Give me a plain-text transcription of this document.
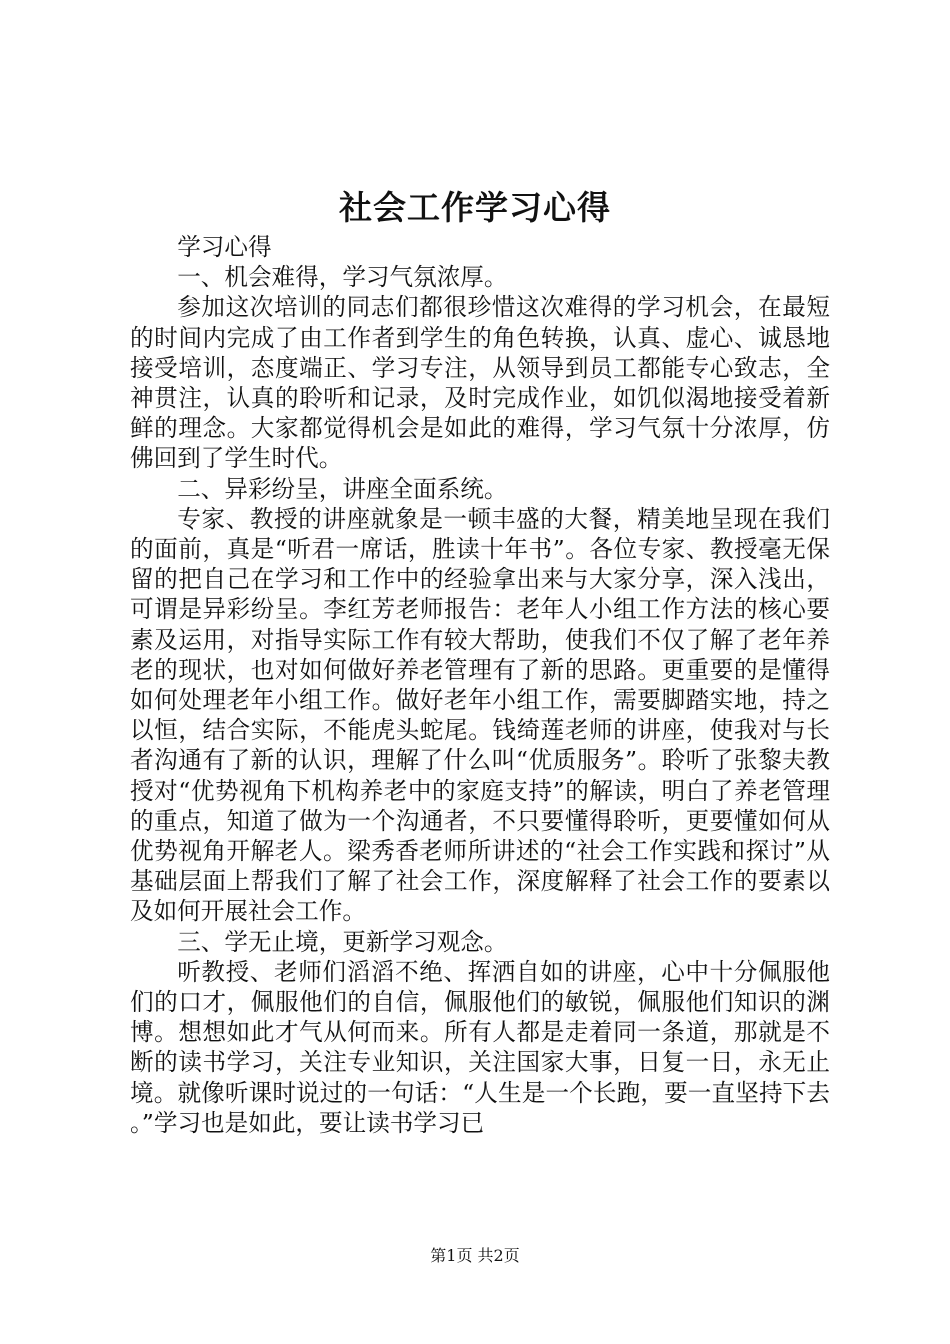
社会工作学习心得

学习心得

一、机会难得，学习气氛浓厚。

参加这次培训的同志们都很珍惜这次难得的学习机会，在最短的时间内完成了由工作者到学生的角色转换，认真、虚心、诚恳地接受培训，态度端正、学习专注，从领导到员工都能专心致志，全神贯注，认真的聆听和记录，及时完成作业，如饥似渴地接受着新鲜的理念。大家都觉得机会是如此的难得，学习气氛十分浓厚，仿佛回到了学生时代。

二、异彩纷呈，讲座全面系统。

专家、教授的讲座就象是一顿丰盛的大餐，精美地呈现在我们的面前，真是“听君一席话，胜读十年书”。各位专家、教授毫无保留的把自己在学习和工作中的经验拿出来与大家分享，深入浅出，可谓是异彩纷呈。李红芳老师报告：老年人小组工作方法的核心要素及运用，对指导实际工作有较大帮助，使我们不仅了解了老年养老的现状，也对如何做好养老管理有了新的思路。更重要的是懂得如何处理老年小组工作。做好老年小组工作，需要脚踏实地，持之以恒，结合实际，不能虎头蛇尾。钱绮莲老师的讲座，使我对与长者沟通有了新的认识，理解了什么叫“优质服务”。聆听了张黎夫教授对“优势视角下机构养老中的家庭支持”的解读，明白了养老管理的重点，知道了做为一个沟通者，不只要懂得聆听，更要懂如何从优势视角开解老人。梁秀香老师所讲述的“社会工作实践和探讨”从基础层面上帮我们了解了社会工作，深度解释了社会工作的要素以及如何开展社会工作。

三、学无止境，更新学习观念。

听教授、老师们滔滔不绝、挥洒自如的讲座，心中十分佩服他们的口才，佩服他们的自信，佩服他们的敏锐，佩服他们知识的渊博。想想如此才气从何而来。所有人都是走着同一条道，那就是不断的读书学习，关注专业知识，关注国家大事，日复一日，永无止境。就像听课时说过的一句话：“人生是一个长跑，要一直坚持下去。”学习也是如此，要让读书学习已

第1页 共2页
